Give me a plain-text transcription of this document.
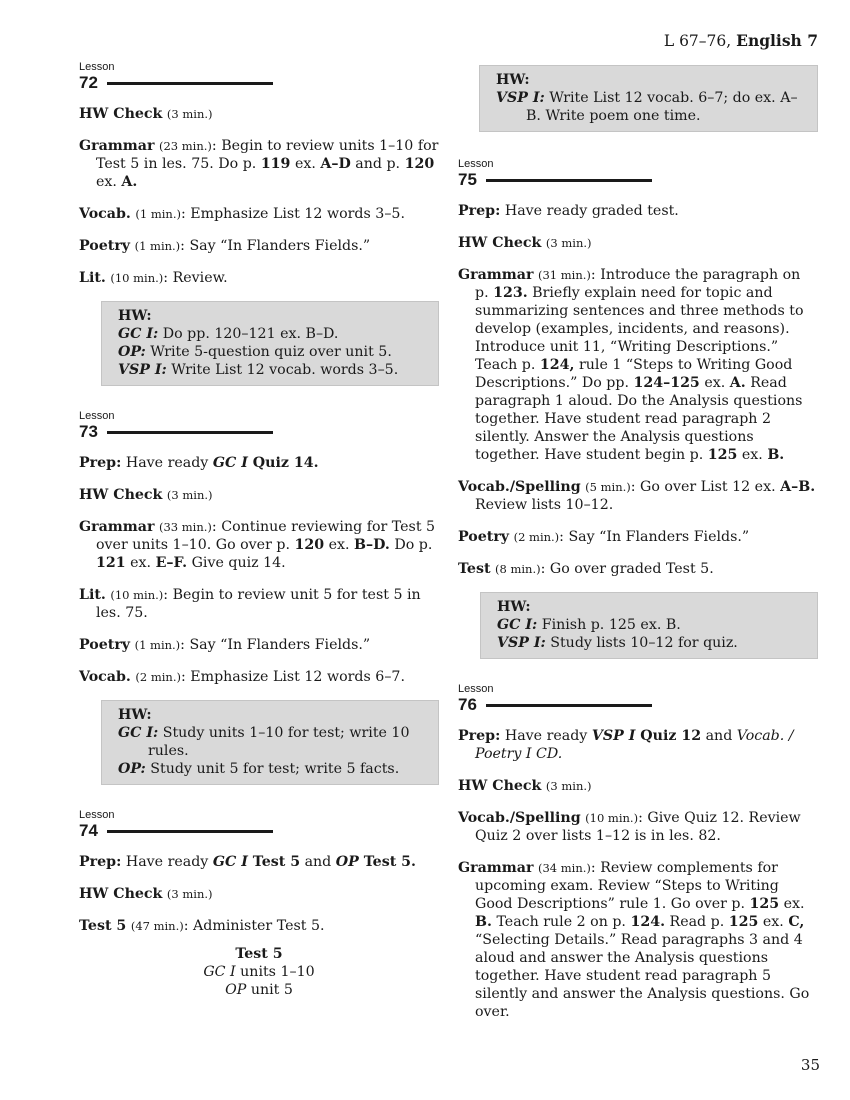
L 67–76, English 7
Lesson
72

HW Check (3 min.)

Grammar (23 min.): Begin to review units 1–10 for Test 5 in les. 75. Do p. 119 ex. A–D and p. 120 ex. A.

Vocab. (1 min.): Emphasize List 12 words 3–5.

Poetry (1 min.): Say “In Flanders Fields.”

Lit. (10 min.): Review.

HW:
GC I: Do pp. 120–121 ex. B–D.
OP: Write 5-question quiz over unit 5.
VSP I: Write List 12 vocab. words 3–5.
Lesson
73

Prep: Have ready GC I Quiz 14.

HW Check (3 min.)

Grammar (33 min.): Continue reviewing for Test 5 over units 1–10. Go over p. 120 ex. B–D. Do p. 121 ex. E–F. Give quiz 14.

Lit. (10 min.): Begin to review unit 5 for test 5 in les. 75.

Poetry (1 min.): Say “In Flanders Fields.”

Vocab. (2 min.): Emphasize List 12 words 6–7.

HW:
GC I: Study units 1–10 for test; write 10 rules.
OP: Study unit 5 for test; write 5 facts.
Lesson
74

Prep: Have ready GC I Test 5 and OP Test 5.

HW Check (3 min.)

Test 5 (47 min.): Administer Test 5.

Test 5
GC I units 1–10
OP unit 5
HW:
VSP I: Write List 12 vocab. 6–7; do ex. A–B. Write poem one time.
Lesson
75

Prep: Have ready graded test.

HW Check (3 min.)

Grammar (31 min.): Introduce the paragraph on p. 123. Briefly explain need for topic and summarizing sentences and three methods to develop (examples, incidents, and reasons). Introduce unit 11, “Writing Descriptions.” Teach p. 124, rule 1 “Steps to Writing Good Descriptions.” Do pp. 124–125 ex. A. Read paragraph 1 aloud. Do the Analysis questions together. Have student read paragraph 2 silently. Answer the Analysis questions together. Have student begin p. 125 ex. B.

Vocab./Spelling (5 min.): Go over List 12 ex. A–B. Review lists 10–12.

Poetry (2 min.): Say “In Flanders Fields.”

Test (8 min.): Go over graded Test 5.

HW:
GC I: Finish p. 125 ex. B.
VSP I: Study lists 10–12 for quiz.
Lesson
76

Prep: Have ready VSP I Quiz 12 and Vocab. / Poetry I CD.

HW Check (3 min.)

Vocab./Spelling (10 min.): Give Quiz 12. Review Quiz 2 over lists 1–12 is in les. 82.

Grammar (34 min.): Review complements for upcoming exam. Review “Steps to Writing Good Descriptions” rule 1. Go over p. 125 ex. B. Teach rule 2 on p. 124. Read p. 125 ex. C, “Selecting Details.” Read paragraphs 3 and 4 aloud and answer the Analysis questions together. Have student read paragraph 5 silently and answer the Analysis questions. Go over.

35
